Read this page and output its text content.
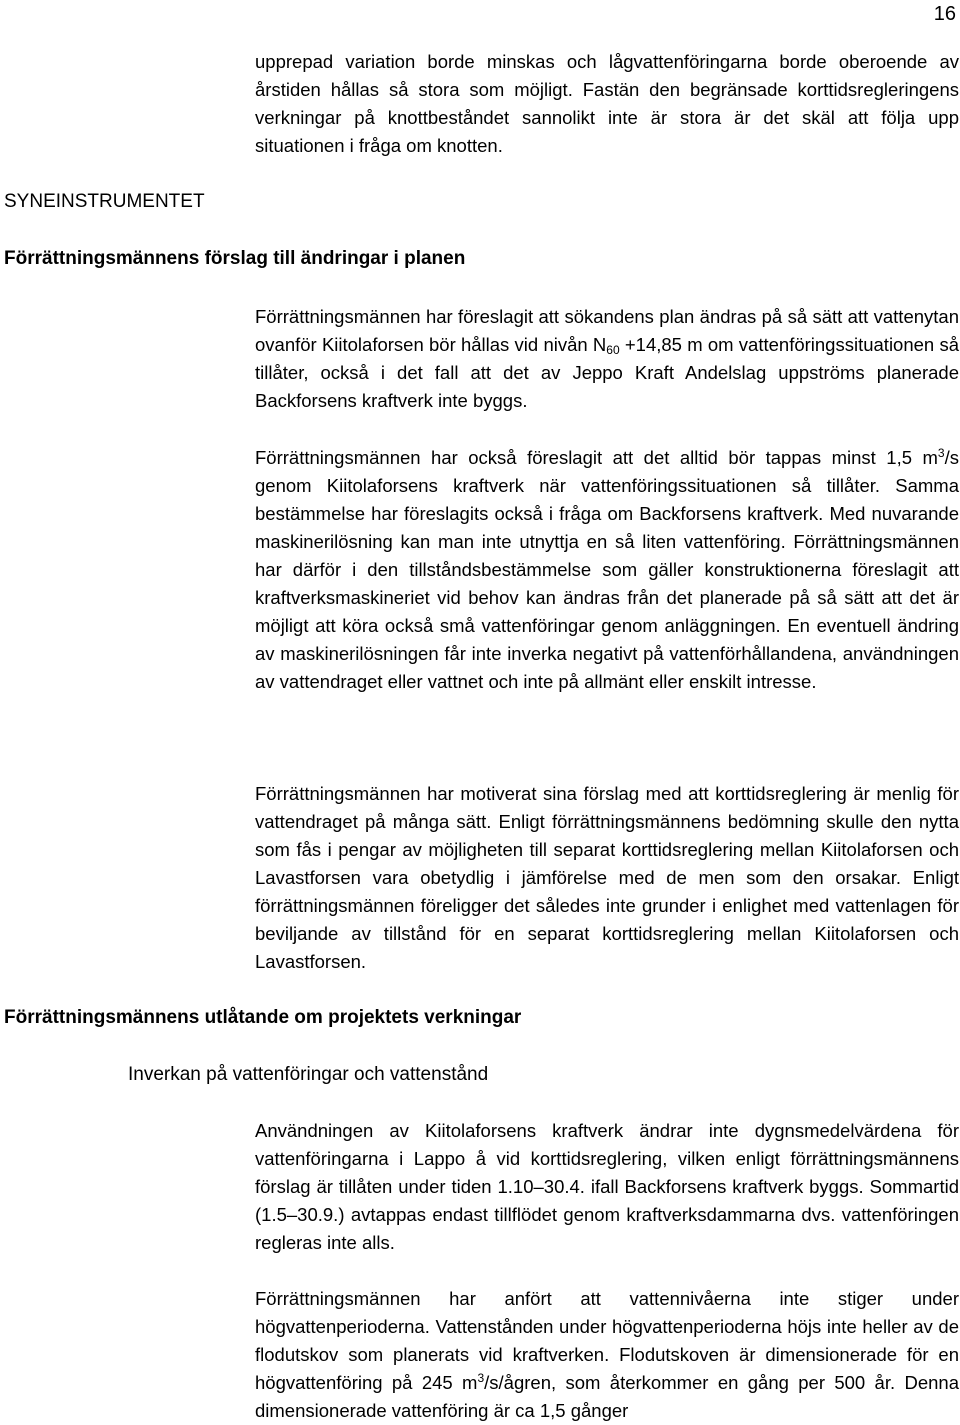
16

upprepad variation borde minskas och lågvattenföringarna borde oberoende av årstiden hållas så stora som möjligt. Fastän den begränsade korttidsregleringens verkningar på knottbeståndet sannolikt inte är stora är det skäl att följa upp situationen i fråga om knotten.

SYNEINSTRUMENTET
Förrättningsmännens förslag till ändringar i planen

Förrättningsmännen har föreslagit att sökandens plan ändras på så sätt att vattenytan ovanför Kiitolaforsen bör hållas vid nivån $N_{60} +14,85$ m om vattenföringssituationen så tillåter, också i det fall att det av Jeppo Kraft Andelslag uppströms planerade Backforsens kraftverk inte byggs.

Förrättningsmännen har också föreslagit att det alltid bör tappas minst 1,5 $m^3/s$ genom Kiitolaforsens kraftverk när vattenföringssituationen så tillåter. Samma bestämmelse har föreslagits också i fråga om Backforsens kraftverk. Med nuvarande maskinerilösning kan man inte utnyttja en så liten vattenföring. Förrättningsmännen har därför i den tillståndsbestämmelse som gäller konstruktionerna föreslagit att kraftverksmaskineriet vid behov kan ändras från det planerade på så sätt att det är möjligt att köra också små vattenföringar genom anläggningen. En eventuell ändring av maskinerilösningen får inte inverka negativt på vattenförhållandena, användningen av vattendraget eller vattnet och inte på allmänt eller enskilt intresse.

Förrättningsmännen har motiverat sina förslag med att korttidsreglering är menlig för vattendraget på många sätt. Enligt förrättningsmännens bedömning skulle den nytta som fås i pengar av möjligheten till separat korttidsreglering mellan Kiitolaforsen och Lavastforsen vara obetydlig i jämförelse med de men som den orsakar. Enligt förrättningsmännen föreligger det således inte grunder i enlighet med vattenlagen för beviljande av tillstånd för en separat korttidsreglering mellan Kiitolaforsen och Lavastforsen.

Förrättningsmännens utlåtande om projektets verkningar
Inverkan på vattenföringar och vattenstånd

Användningen av Kiitolaforsens kraftverk ändrar inte dygnsmedelvärdena för vattenföringarna i Lappo å vid korttidsreglering, vilken enligt förrättningsmännens förslag är tillåten under tiden 1.10–30.4. ifall Backforsens kraftverk byggs. Sommartid (1.5–30.9.) avtappas endast tillflödet genom kraftverksdammarna dvs. vattenföringen regleras inte alls.

Förrättningsmännen har anfört att vattennivåerna inte stiger under högvattenperioderna. Vattenstånden under högvattenperioderna höjs inte heller av de flodutskov som planerats vid kraftverken. Flodutskoven är dimensionerade för en högvattenföring på 245 $m^3/s$/ågren, som återkommer en gång per 500 år. Denna dimensionerade vattenföring är ca 1,5 gånger
